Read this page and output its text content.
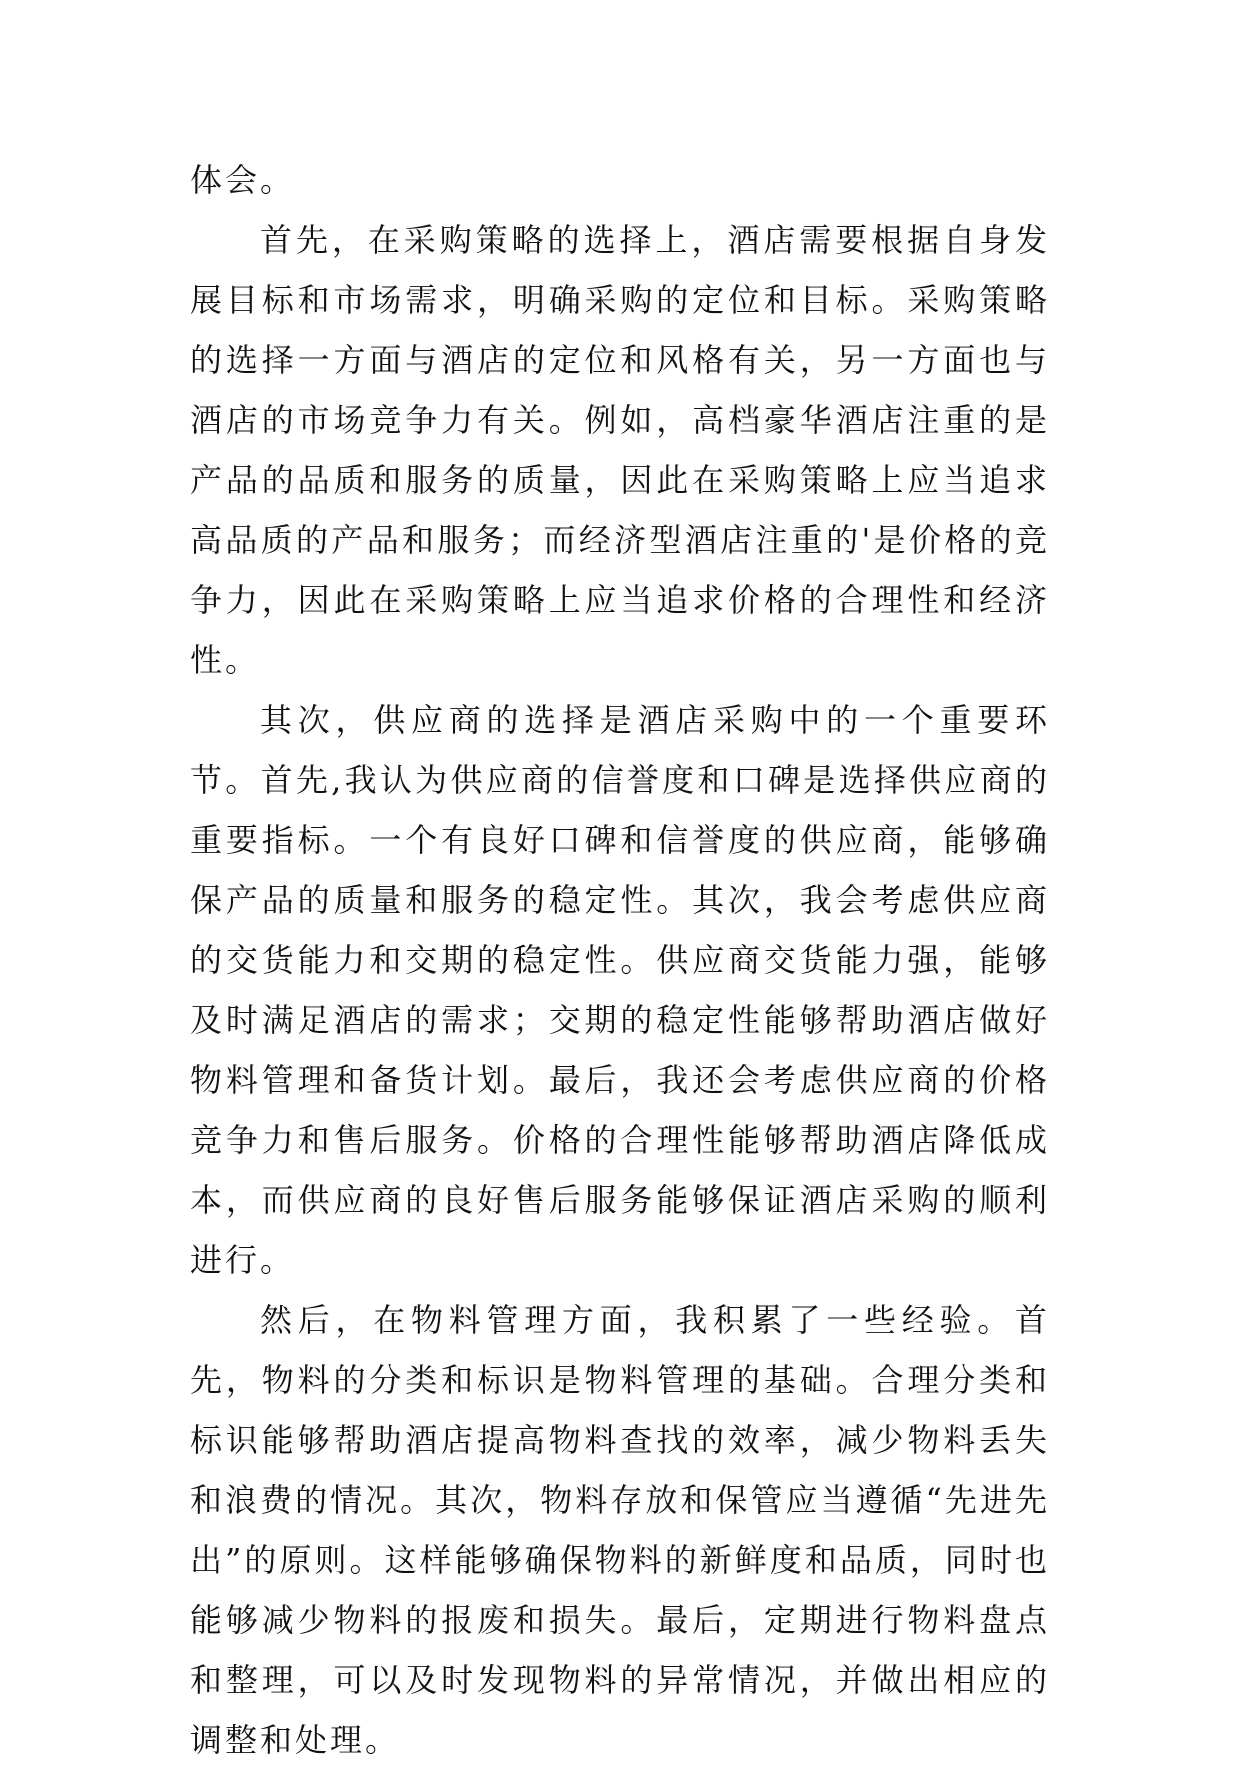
体会。

首先，在采购策略的选择上，酒店需要根据自身发展目标和市场需求，明确采购的定位和目标。采购策略的选择一方面与酒店的定位和风格有关，另一方面也与酒店的市场竞争力有关。例如，高档豪华酒店注重的是产品的品质和服务的质量，因此在采购策略上应当追求高品质的产品和服务；而经济型酒店注重的'是价格的竞争力，因此在采购策略上应当追求价格的合理性和经济性。

其次，供应商的选择是酒店采购中的一个重要环节。首先,我认为供应商的信誉度和口碑是选择供应商的重要指标。一个有良好口碑和信誉度的供应商，能够确保产品的质量和服务的稳定性。其次，我会考虑供应商的交货能力和交期的稳定性。供应商交货能力强，能够及时满足酒店的需求；交期的稳定性能够帮助酒店做好物料管理和备货计划。最后，我还会考虑供应商的价格竞争力和售后服务。价格的合理性能够帮助酒店降低成本，而供应商的良好售后服务能够保证酒店采购的顺利进行。

然后，在物料管理方面，我积累了一些经验。首先，物料的分类和标识是物料管理的基础。合理分类和标识能够帮助酒店提高物料查找的效率，减少物料丢失和浪费的情况。其次，物料存放和保管应当遵循“先进先出”的原则。这样能够确保物料的新鲜度和品质，同时也能够减少物料的报废和损失。最后，定期进行物料盘点和整理，可以及时发现物料的异常情况，并做出相应的调整和处理。
